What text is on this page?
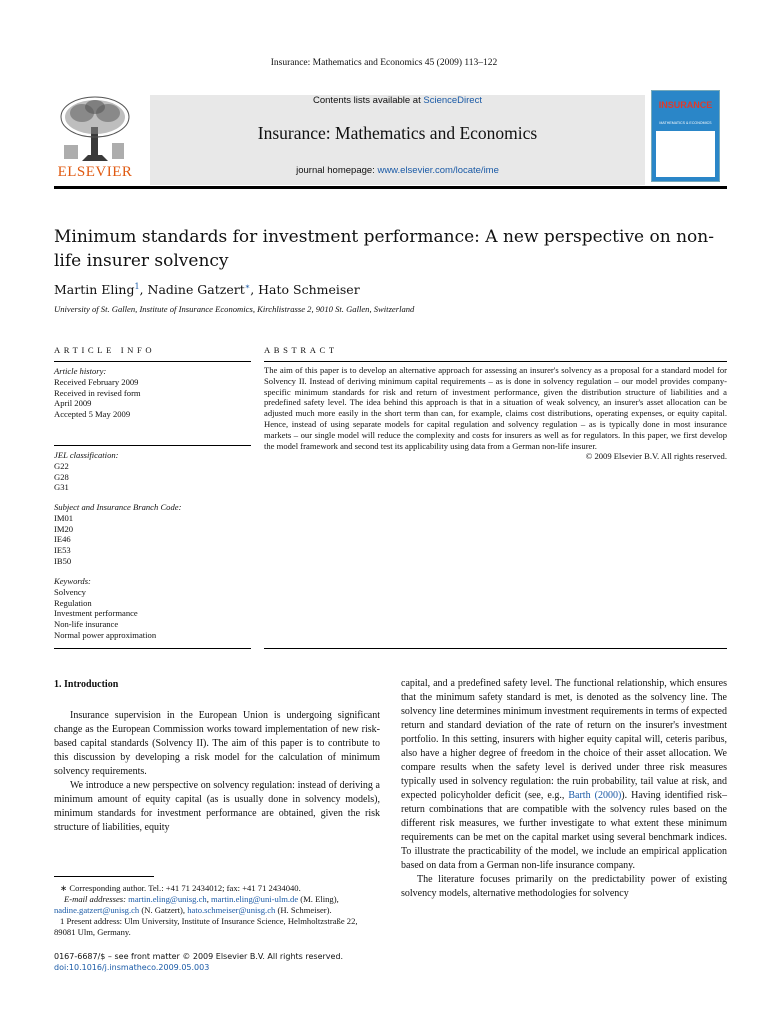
Insurance: Mathematics and Economics 45 (2009) 113–122
ELSEVIER
Contents lists available at ScienceDirect
Insurance: Mathematics and Economics
journal homepage: www.elsevier.com/locate/ime
INSURANCE
MATHEMATICS & ECONOMICS
Minimum standards for investment performance: A new perspective on non-life insurer solvency
Martin Eling$^1$, Nadine Gatzert∗, Hato Schmeiser
University of St. Gallen, Institute of Insurance Economics, Kirchlistrasse 2, 9010 St. Gallen, Switzerland
ARTICLE INFO
Article history:
Received February 2009
Received in revised form
April 2009
Accepted 5 May 2009
JEL classification:
G22
G28
G31
Subject and Insurance Branch Code:
IM01
IM20
IE46
IE53
IB50
Keywords:
Solvency
Regulation
Investment performance
Non-life insurance
Normal power approximation
ABSTRACT
The aim of this paper is to develop an alternative approach for assessing an insurer's solvency as a proposal for a standard model for Solvency II. Instead of deriving minimum capital requirements – as is done in solvency regulation – our model provides company-specific minimum standards for risk and return of investment performance, given the distribution structure of liabilities and a predefined safety level. The idea behind this approach is that in a situation of weak solvency, an insurer's asset allocation can be adjusted much more easily in the short term than can, for example, claims cost distributions, operating expenses, or equity capital. Hence, instead of using separate models for capital regulation and solvency regulation – as is typically done in most insurance markets – our single model will reduce the complexity and costs for insurers as well as for regulators. In this paper, we first develop the model framework and second test its applicability using data from a German non-life insurer.
© 2009 Elsevier B.V. All rights reserved.
1. Introduction

Insurance supervision in the European Union is undergoing significant change as the European Commission works toward implementation of new risk-based capital standards (Solvency II). The aim of this paper is to contribute to this discussion by developing a risk model for the calculation of minimum solvency requirements.

We introduce a new perspective on solvency regulation: instead of deriving a minimum amount of equity capital (as is usually done in solvency models), minimum standards for investment performance are obtained, given the risk structure of liabilities, equity

∗ Corresponding author. Tel.: +41 71 2434012; fax: +41 71 2434040.

E-mail addresses: martin.eling@unisg.ch, martin.eling@uni-ulm.de (M. Eling),

nadine.gatzert@unisg.ch (N. Gatzert), hato.schmeiser@unisg.ch (H. Schmeiser).

1 Present address: Ulm University, Institute of Insurance Science, Helmholtzstraße 22, 89081 Ulm, Germany.

0167-6687/$ – see front matter © 2009 Elsevier B.V. All rights reserved.
doi:10.1016/j.insmatheco.2009.05.003

capital, and a predefined safety level. The functional relationship, which ensures that the minimum safety standard is met, is denoted as the solvency line. The solvency line determines minimum investment requirements in terms of expected return and standard deviation of the rate of return on the insurer's investment portfolio. In this setting, insurers with higher equity capital will, ceteris paribus, also have a higher degree of freedom in the choice of their asset allocation. We compare results when the safety level is derived under three risk measures typically used in solvency regulation: the ruin probability, tail value at risk, and expected policyholder deficit (see, e.g., Barth (2000)). Having identified risk–return combinations that are compatible with the solvency rules based on the different risk measures, we further investigate to what extent these minimum requirements can be met on the capital market using several benchmark indices. To illustrate the practicability of the model, we include an empirical application based on data from a German non-life insurance company.

The literature focuses primarily on the predictability power of existing solvency models, alternative methodologies for solvency
